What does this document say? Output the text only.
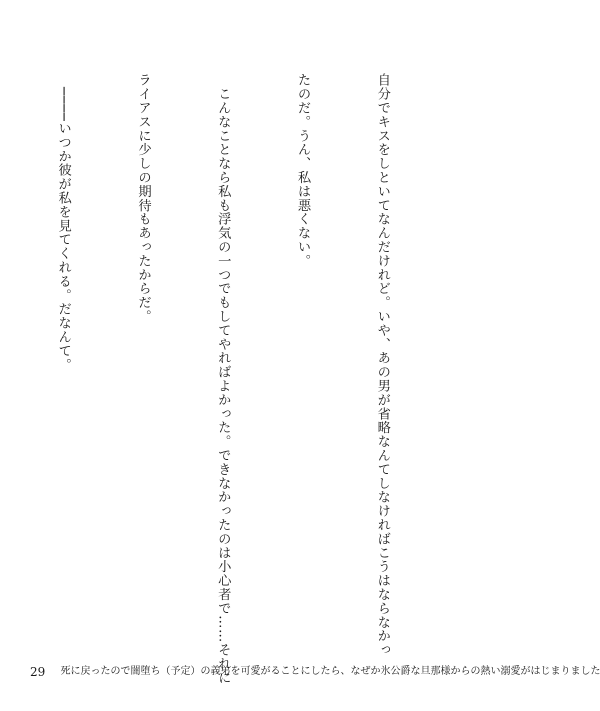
自分でキスをしといてなんだけれど。いや、あの男が省略なんてしなければこうはならなかっ

たのだ。うん、私は悪くない。

　こんなことなら私も浮気の一つでもしてやればよかった。できなかったのは小心者で……それに

ライアスに少しの期待もあったからだ。

　────いつか彼が私を見てくれる。だなんて。

29 死に戻ったので闇堕ち（予定）の義弟を可愛がることにしたら、なぜか氷公爵な旦那様からの熱い溺愛がはじまりました
